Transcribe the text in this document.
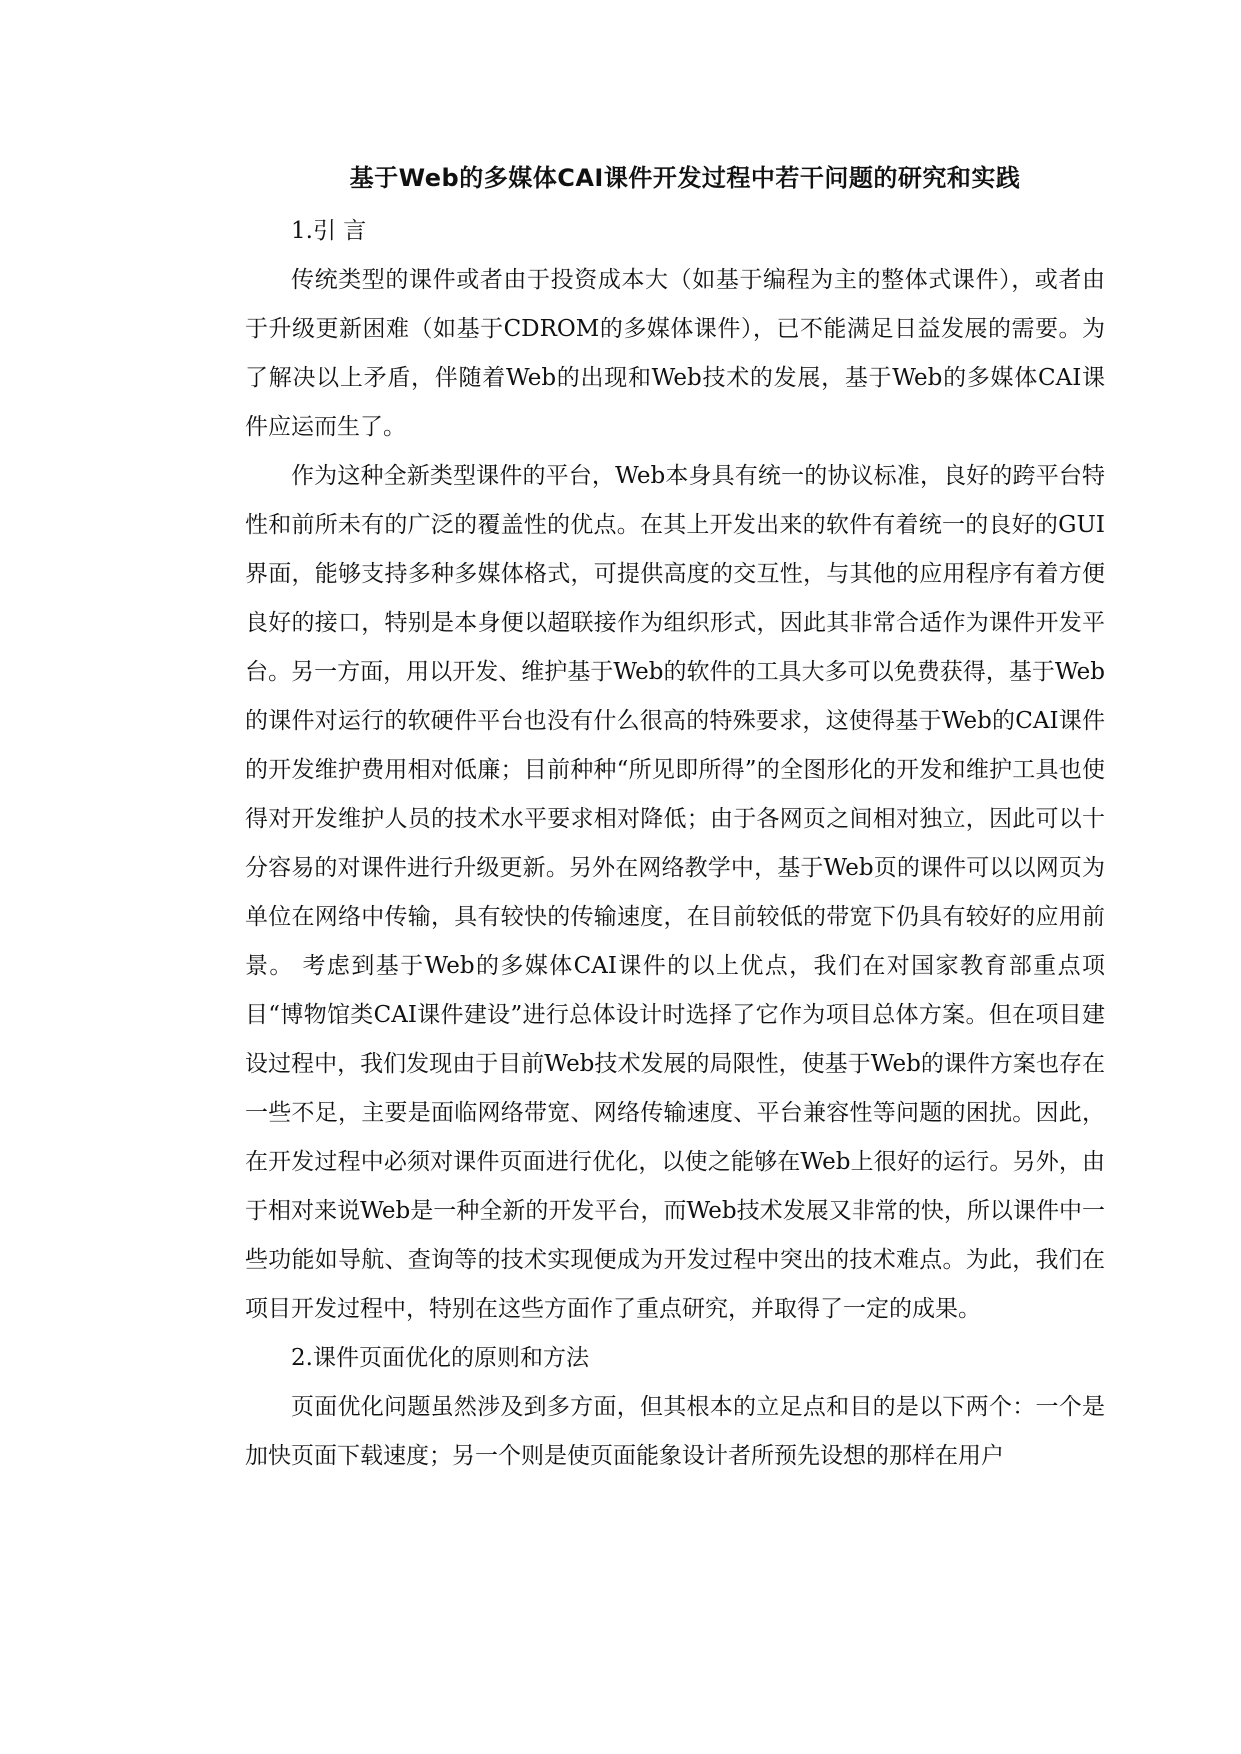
基于Web的多媒体CAI课件开发过程中若干问题的研究和实践

1.引 言

传统类型的课件或者由于投资成本大（如基于编程为主的整体式课件），或者由于升级更新困难（如基于CDROM的多媒体课件），已不能满足日益发展的需要。为了解决以上矛盾，伴随着Web的出现和Web技术的发展，基于Web的多媒体CAI课件应运而生了。

作为这种全新类型课件的平台，Web本身具有统一的协议标准，良好的跨平台特性和前所未有的广泛的覆盖性的优点。在其上开发出来的软件有着统一的良好的GUI界面，能够支持多种多媒体格式，可提供高度的交互性，与其他的应用程序有着方便良好的接口，特别是本身便以超联接作为组织形式，因此其非常合适作为课件开发平台。另一方面，用以开发、维护基于Web的软件的工具大多可以免费获得，基于Web的课件对运行的软硬件平台也没有什么很高的特殊要求，这使得基于Web的CAI课件的开发维护费用相对低廉；目前种种“所见即所得”的全图形化的开发和维护工具也使得对开发维护人员的技术水平要求相对降低；由于各网页之间相对独立，因此可以十分容易的对课件进行升级更新。另外在网络教学中，基于Web页的课件可以以网页为单位在网络中传输，具有较快的传输速度，在目前较低的带宽下仍具有较好的应用前景。 考虑到基于Web的多媒体CAI课件的以上优点，我们在对国家教育部重点项目“博物馆类CAI课件建设”进行总体设计时选择了它作为项目总体方案。但在项目建设过程中，我们发现由于目前Web技术发展的局限性，使基于Web的课件方案也存在一些不足，主要是面临网络带宽、网络传输速度、平台兼容性等问题的困扰。因此，在开发过程中必须对课件页面进行优化，以使之能够在Web上很好的运行。另外，由于相对来说Web是一种全新的开发平台，而Web技术发展又非常的快，所以课件中一些功能如导航、查询等的技术实现便成为开发过程中突出的技术难点。为此，我们在项目开发过程中，特别在这些方面作了重点研究，并取得了一定的成果。

2.课件页面优化的原则和方法

页面优化问题虽然涉及到多方面，但其根本的立足点和目的是以下两个：一个是加快页面下载速度；另一个则是使页面能象设计者所预先设想的那样在用户
